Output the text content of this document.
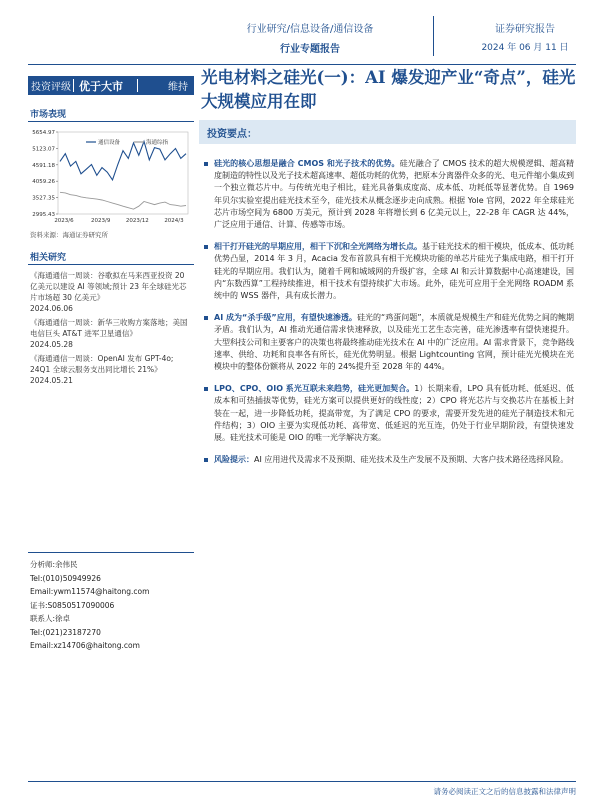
行业研究/信息设备/通信设备
行业专题报告
证券研究报告
2024 年 06 月 11 日
投资评级 优于大市	维持
市场表现
2995.43
3527.35
4059.26
4591.18
5123.07
5654.97
2023/6	2023/9	2023/12	2024/3
通信设备	海通综指
资料来源：海通证券研究所
相关研究
《海通通信一周谈：谷歌拟在马来西亚投资 20 亿美元以建设 AI 等领域;预计 23 年全球硅光芯片市场超 30 亿美元》
2024.06.06
《海通通信一周谈：新华三收购方案落地；美国电信巨头 AT&T 进军卫星通信》
2024.05.28
《海通通信一周谈：OpenAI 发布 GPT-4o; 24Q1 全球云服务支出同比增长 21%》
2024.05.21
分析师:余伟民
Tel:(010)50949926
Email:ywm11574@haitong.com
证书:S0850517090006
联系人:徐卓
Tel:(021)23187270
Email:xz14706@haitong.com
光电材料之硅光(一)：AI 爆发迎产业“奇点”，硅光大规模应用在即
投资要点：
硅光的核心思想是融合 CMOS 和光子技术的优势。硅光融合了 CMOS 技术的超大规模逻辑、超高精度制造的特性以及光子技术超高速率、超低功耗的优势，把原本分离器件众多的光、电元件缩小集成到一个独立微芯片中。与传统光电子相比，硅光具备集成度高、成本低、功耗低等显著优势。自 1969 年贝尔实验室提出硅光技术至今，硅光技术从概念逐步走向成熟。根据 Yole 官网，2022 年全球硅光芯片市场空间为 6800 万美元，预计到 2028 年将增长到 6 亿美元以上，22-28 年 CAGR 达 44%，广泛应用于通信、计算、传感等市场。
相干打开硅光的早期应用，相干下沉和全光网络为增长点。基于硅光技术的相干模块，低成本、低功耗优势凸显，2014 年 3 月，Acacia 发布首款具有相干光模块功能的单芯片硅光子集成电路，相干打开硅光的早期应用。我们认为，随着千网和城域网的升级扩容，全球 AI 和云计算数据中心高速建设，国内“东数西算”工程持续推进，相干技术有望持续扩大市场。此外，硅光可应用于全光网络 ROADM 系统中的 WSS 器件，具有成长潜力。
AI 成为“杀手级”应用，有望快速渗透。硅光的“鸡蛋问题”，本质就是规模生产和硅光优势之间的鲍期矛盾。我们认为，AI 推动光通信需求快速释放，以及硅光工艺生态完善，硅光渗透率有望快速提升。大型科技公司和主要客户的决策也将最终推动硅光技术在 AI 中的广泛应用。AI 需求背景下，竞争路线速率、供给、功耗和良率各有所长，硅光优势明显。根据 Lightcounting 官网，预计硅光光模块在光模块中的整体份额将从 2022 年的 24%提升至 2028 年的 44%。
LPO、CPO、OIO 系光互联未来趋势，硅光更加契合。1）长期来看，LPO 具有低功耗、低延迟、低成本和可热插拔等优势，硅光方案可以提供更好的线性度；2）CPO 将光芯片与交换芯片在基板上封装在一起，进一步降低功耗，提高带宽，为了满足 CPO 的要求，需要开发先进的硅光子制造技术和元件结构；3）OIO 主要为实现低功耗、高带宽、低延迟的光互连，仍处于行业早期阶段，有望快速发展。硅光技术可能是 OIO 的唯一光学解决方案。
风险提示：AI 应用进代及需求不及预期、硅光技术及生产发展不及预期、大客户技术路径选择风险。
请务必阅读正文之后的信息披露和法律声明
